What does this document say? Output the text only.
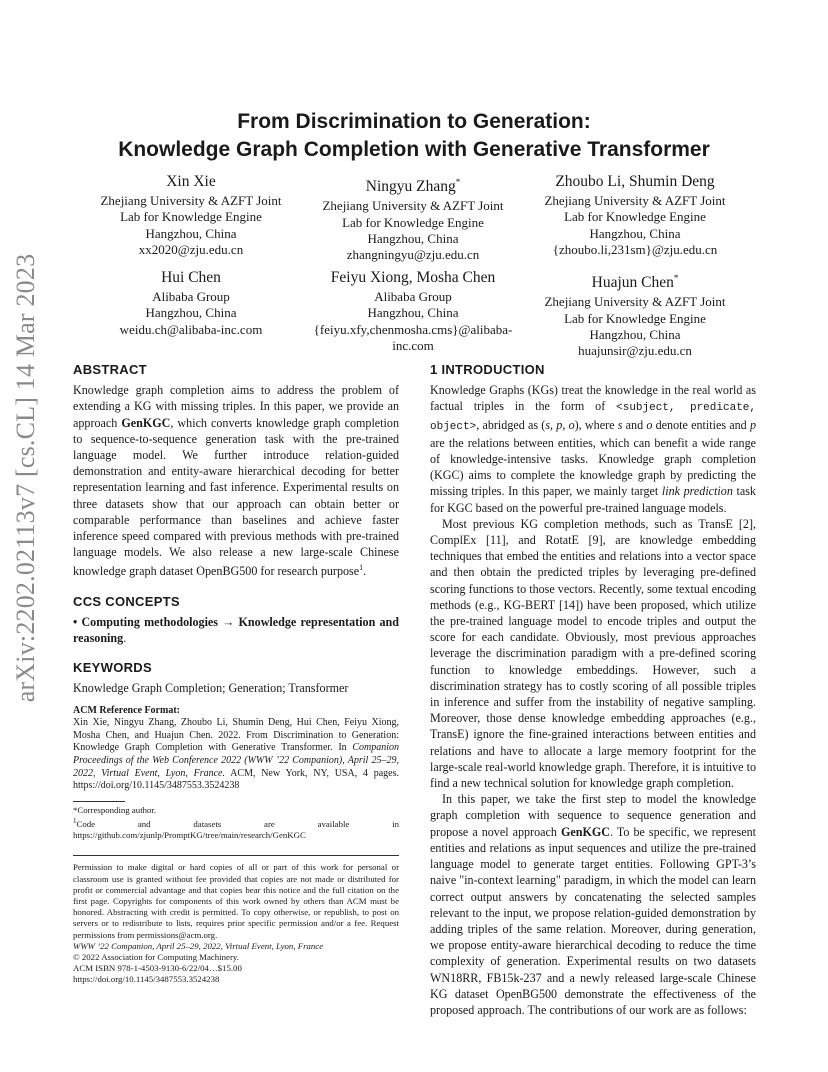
arXiv:2202.02113v7 [cs.CL] 14 Mar 2023
From Discrimination to Generation:
Knowledge Graph Completion with Generative Transformer
Xin Xie
Zhejiang University & AZFT Joint
Lab for Knowledge Engine
Hangzhou, China
xx2020@zju.edu.cn
Ningyu Zhang*
Zhejiang University & AZFT Joint
Lab for Knowledge Engine
Hangzhou, China
zhangningyu@zju.edu.cn
Zhoubo Li, Shumin Deng
Zhejiang University & AZFT Joint
Lab for Knowledge Engine
Hangzhou, China
{zhoubo.li,231sm}@zju.edu.cn
Hui Chen
Alibaba Group
Hangzhou, China
weidu.ch@alibaba-inc.com
Feiyu Xiong, Mosha Chen
Alibaba Group
Hangzhou, China
{feiyu.xfy,chenmosha.cms}@alibaba-
inc.com
Huajun Chen*
Zhejiang University & AZFT Joint
Lab for Knowledge Engine
Hangzhou, China
huajunsir@zju.edu.cn
ABSTRACT

Knowledge graph completion aims to address the problem of extending a KG with missing triples. In this paper, we provide an approach GenKGC, which converts knowledge graph completion to sequence-to-sequence generation task with the pre-trained language model. We further introduce relation-guided demonstration and entity-aware hierarchical decoding for better representation learning and fast inference. Experimental results on three datasets show that our approach can obtain better or comparable performance than baselines and achieve faster inference speed compared with previous methods with pre-trained language models. We also release a new large-scale Chinese knowledge graph dataset OpenBG500 for research purpose$^1$.

CCS CONCEPTS

• Computing methodologies → Knowledge representation and reasoning.

KEYWORDS

Knowledge Graph Completion; Generation; Transformer

ACM Reference Format:

Xin Xie, Ningyu Zhang, Zhoubo Li, Shumin Deng, Hui Chen, Feiyu Xiong, Mosha Chen, and Huajun Chen. 2022. From Discrimination to Generation: Knowledge Graph Completion with Generative Transformer. In Companion Proceedings of the Web Conference 2022 (WWW ’22 Companion), April 25–29, 2022, Virtual Event, Lyon, France. ACM, New York, NY, USA, 4 pages. https://doi.org/10.1145/3487553.3524238

*Corresponding author.
$^1$Code and datasets are available in https://github.com/zjunlp/PromptKG/tree/main/research/GenKGC

Permission to make digital or hard copies of all or part of this work for personal or classroom use is granted without fee provided that copies are not made or distributed for profit or commercial advantage and that copies bear this notice and the full citation on the first page. Copyrights for components of this work owned by others than ACM must be honored. Abstracting with credit is permitted. To copy otherwise, or republish, to post on servers or to redistribute to lists, requires prior specific permission and/or a fee. Request permissions from permissions@acm.org.

WWW ’22 Companion, April 25–29, 2022, Virtual Event, Lyon, France
© 2022 Association for Computing Machinery.
ACM ISBN 978-1-4503-9130-6/22/04…$15.00
https://doi.org/10.1145/3487553.3524238
1 INTRODUCTION

Knowledge Graphs (KGs) treat the knowledge in the real world as factual triples in the form of <subject, predicate, object>, abridged as (s, p, o), where s and o denote entities and p are the relations between entities, which can benefit a wide range of knowledge-intensive tasks. Knowledge graph completion (KGC) aims to complete the knowledge graph by predicting the missing triples. In this paper, we mainly target link prediction task for KGC based on the powerful pre-trained language models.

Most previous KG completion methods, such as TransE [2], ComplEx [11], and RotatE [9], are knowledge embedding techniques that embed the entities and relations into a vector space and then obtain the predicted triples by leveraging pre-defined scoring functions to those vectors. Recently, some textual encoding methods (e.g., KG-BERT [14]) have been proposed, which utilize the pre-trained language model to encode triples and output the score for each candidate. Obviously, most previous approaches leverage the discrimination paradigm with a pre-defined scoring function to knowledge embeddings. However, such a discrimination strategy has to costly scoring of all possible triples in inference and suffer from the instability of negative sampling. Moreover, those dense knowledge embedding approaches (e.g., TransE) ignore the fine-grained interactions between entities and relations and have to allocate a large memory footprint for the large-scale real-world knowledge graph. Therefore, it is intuitive to find a new technical solution for knowledge graph completion.

In this paper, we take the first step to model the knowledge graph completion with sequence to sequence generation and propose a novel approach GenKGC. To be specific, we represent entities and relations as input sequences and utilize the pre-trained language model to generate target entities. Following GPT-3’s naive "in-context learning" paradigm, in which the model can learn correct output answers by concatenating the selected samples relevant to the input, we propose relation-guided demonstration by adding triples of the same relation. Moreover, during generation, we propose entity-aware hierarchical decoding to reduce the time complexity of generation. Experimental results on two datasets WN18RR, FB15k-237 and a newly released large-scale Chinese KG dataset OpenBG500 demonstrate the effectiveness of the proposed approach. The contributions of our work are as follows:
